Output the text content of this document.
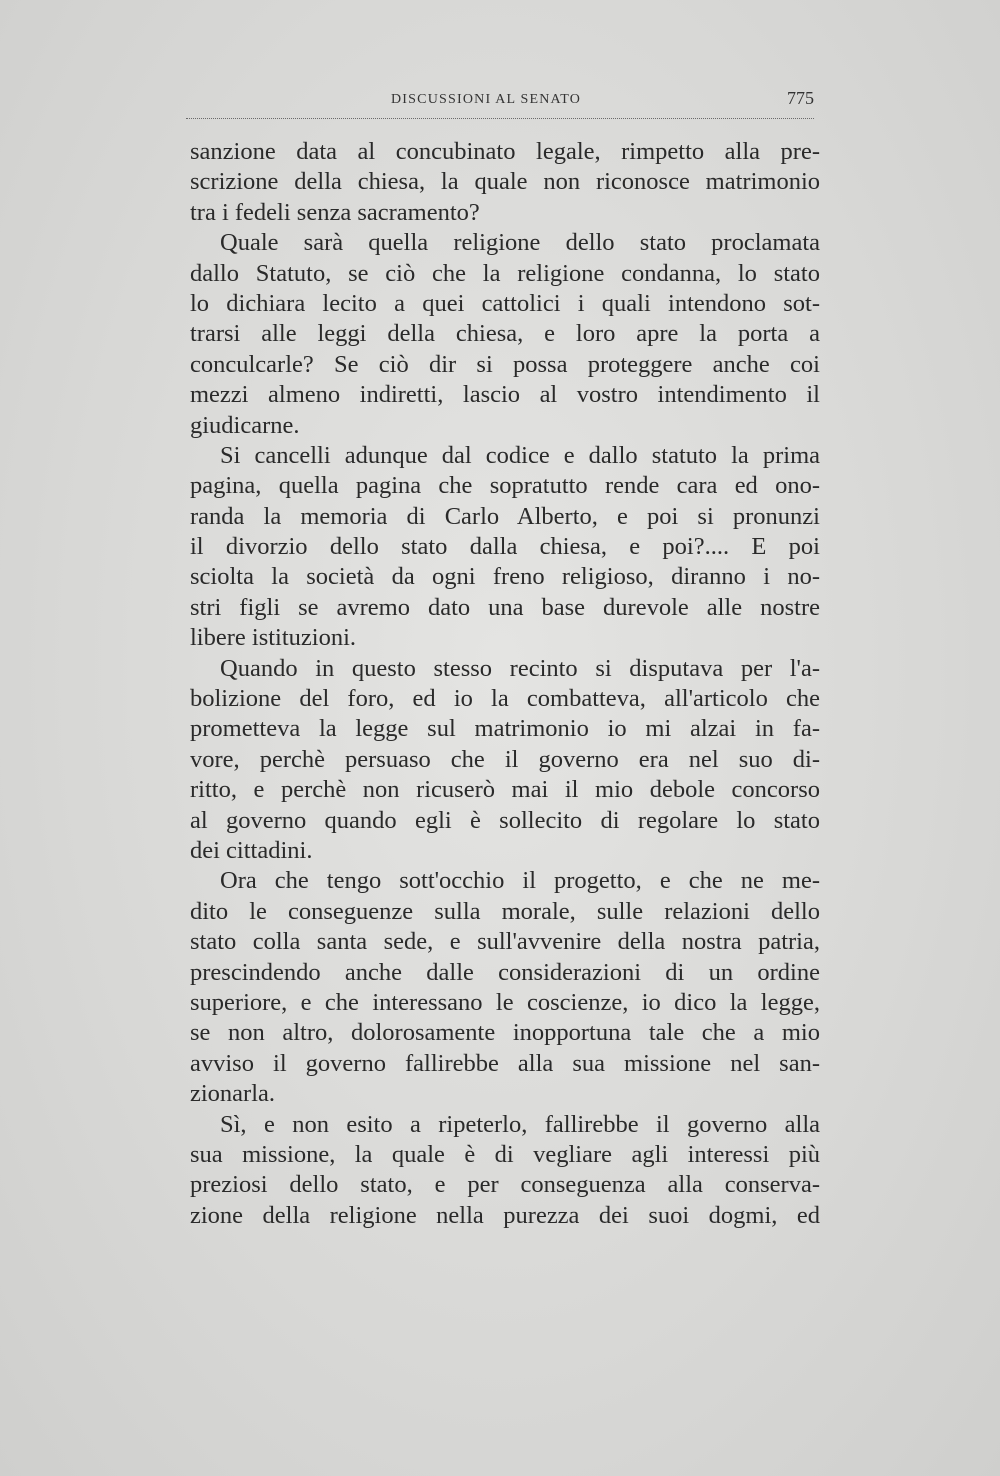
DISCUSSIONI AL SENATO	775
sanzione data al concubinato legale, rimpetto alla pre-
scrizione della chiesa, la quale non riconosce matrimonio
tra i fedeli senza sacramento?
Quale sarà quella religione dello stato proclamata
dallo Statuto, se ciò che la religione condanna, lo stato
lo dichiara lecito a quei cattolici i quali intendono sot-
trarsi alle leggi della chiesa, e loro apre la porta a
conculcarle? Se ciò dir si possa proteggere anche coi
mezzi almeno indiretti, lascio al vostro intendimento il
giudicarne.
Si cancelli adunque dal codice e dallo statuto la prima
pagina, quella pagina che sopratutto rende cara ed ono-
randa la memoria di Carlo Alberto, e poi si pronunzi
il divorzio dello stato dalla chiesa, e poi?.... E poi
sciolta la società da ogni freno religioso, diranno i no-
stri figli se avremo dato una base durevole alle nostre
libere istituzioni.
Quando in questo stesso recinto si disputava per l'a-
bolizione del foro, ed io la combatteva, all'articolo che
prometteva la legge sul matrimonio io mi alzai in fa-
vore, perchè persuaso che il governo era nel suo di-
ritto, e perchè non ricuserò mai il mio debole concorso
al governo quando egli è sollecito di regolare lo stato
dei cittadini.
Ora che tengo sott'occhio il progetto, e che ne me-
dito le conseguenze sulla morale, sulle relazioni dello
stato colla santa sede, e sull'avvenire della nostra patria,
prescindendo anche dalle considerazioni di un ordine
superiore, e che interessano le coscienze, io dico la legge,
se non altro, dolorosamente inopportuna tale che a mio
avviso il governo fallirebbe alla sua missione nel san-
zionarla.
Sì, e non esito a ripeterlo, fallirebbe il governo alla
sua missione, la quale è di vegliare agli interessi più
preziosi dello stato, e per conseguenza alla conserva-
zione della religione nella purezza dei suoi dogmi, ed
